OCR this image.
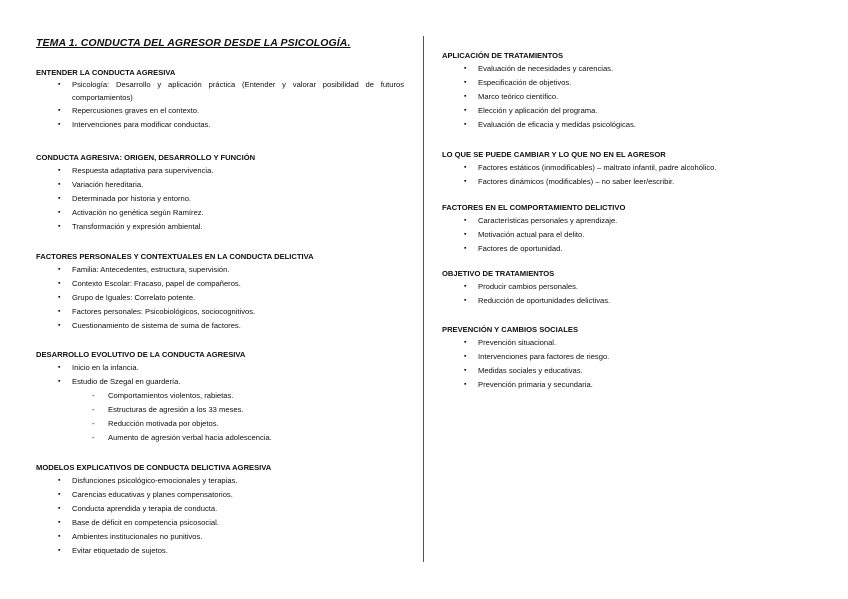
TEMA 1. CONDUCTA DEL AGRESOR DESDE LA PSICOLOGÍA.
ENTENDER LA CONDUCTA AGRESIVA
▪ Psicología: Desarrollo y aplicación práctica (Entender y valorar posibilidad de futuros comportamientos)
▪ Repercusiones graves en el contexto.
▪ Intervenciones para modificar conductas.
CONDUCTA AGRESIVA: ORIGEN, DESARROLLO Y FUNCIÓN
▪ Respuesta adaptativa para supervivencia.
▪ Variación hereditaria.
▪ Determinada por historia y entorno.
▪ Activación no genética según Ramírez.
▪ Transformación y expresión ambiental.
FACTORES PERSONALES Y CONTEXTUALES EN LA CONDUCTA DELICTIVA
▪ Familia: Antecedentes, estructura, supervisión.
▪ Contexto Escolar: Fracaso, papel de compañeros.
▪ Grupo de Iguales: Correlato potente.
▪ Factores personales: Psicobiológicos, sociocognitivos.
▪ Cuestionamiento de sistema de suma de factores.
DESARROLLO EVOLUTIVO DE LA CONDUCTA AGRESIVA
▪ Inicio en la infancia.
▪ Estudio de Szegal en guardería.
- Comportamientos violentos, rabietas.
- Estructuras de agresión a los 33 meses.
- Reducción motivada por objetos.
- Aumento de agresión verbal hacia adolescencia.
MODELOS EXPLICATIVOS DE CONDUCTA DELICTIVA AGRESIVA
▪ Disfunciones psicológico-emocionales y terapias.
▪ Carencias educativas y planes compensatorios.
▪ Conducta aprendida y terapia de conducta.
▪ Base de déficit en competencia psicosocial.
▪ Ambientes institucionales no punitivos.
▪ Evitar etiquetado de sujetos.
APLICACIÓN DE TRATAMIENTOS
▪ Evaluación de necesidades y carencias.
▪ Especificación de objetivos.
▪ Marco teórico científico.
▪ Elección y aplicación del programa.
▪ Evaluación de eficacia y medidas psicológicas.
LO QUE SE PUEDE CAMBIAR Y LO QUE NO EN EL AGRESOR
▪ Factores estáticos (inmodificables) – maltrato infantil, padre alcohólico.
▪ Factores dinámicos (modificables) – no saber leer/escribir.
FACTORES EN EL COMPORTAMIENTO DELICTIVO
▪ Características personales y aprendizaje.
▪ Motivación actual para el delito.
▪ Factores de oportunidad.
OBJETIVO DE TRATAMIENTOS
▪ Producir cambios personales.
▪ Reducción de oportunidades delictivas.
PREVENCIÓN Y CAMBIOS SOCIALES
▪ Prevención situacional.
▪ Intervenciones para factores de riesgo.
▪ Medidas sociales y educativas.
▪ Prevención primaria y secundaria.
